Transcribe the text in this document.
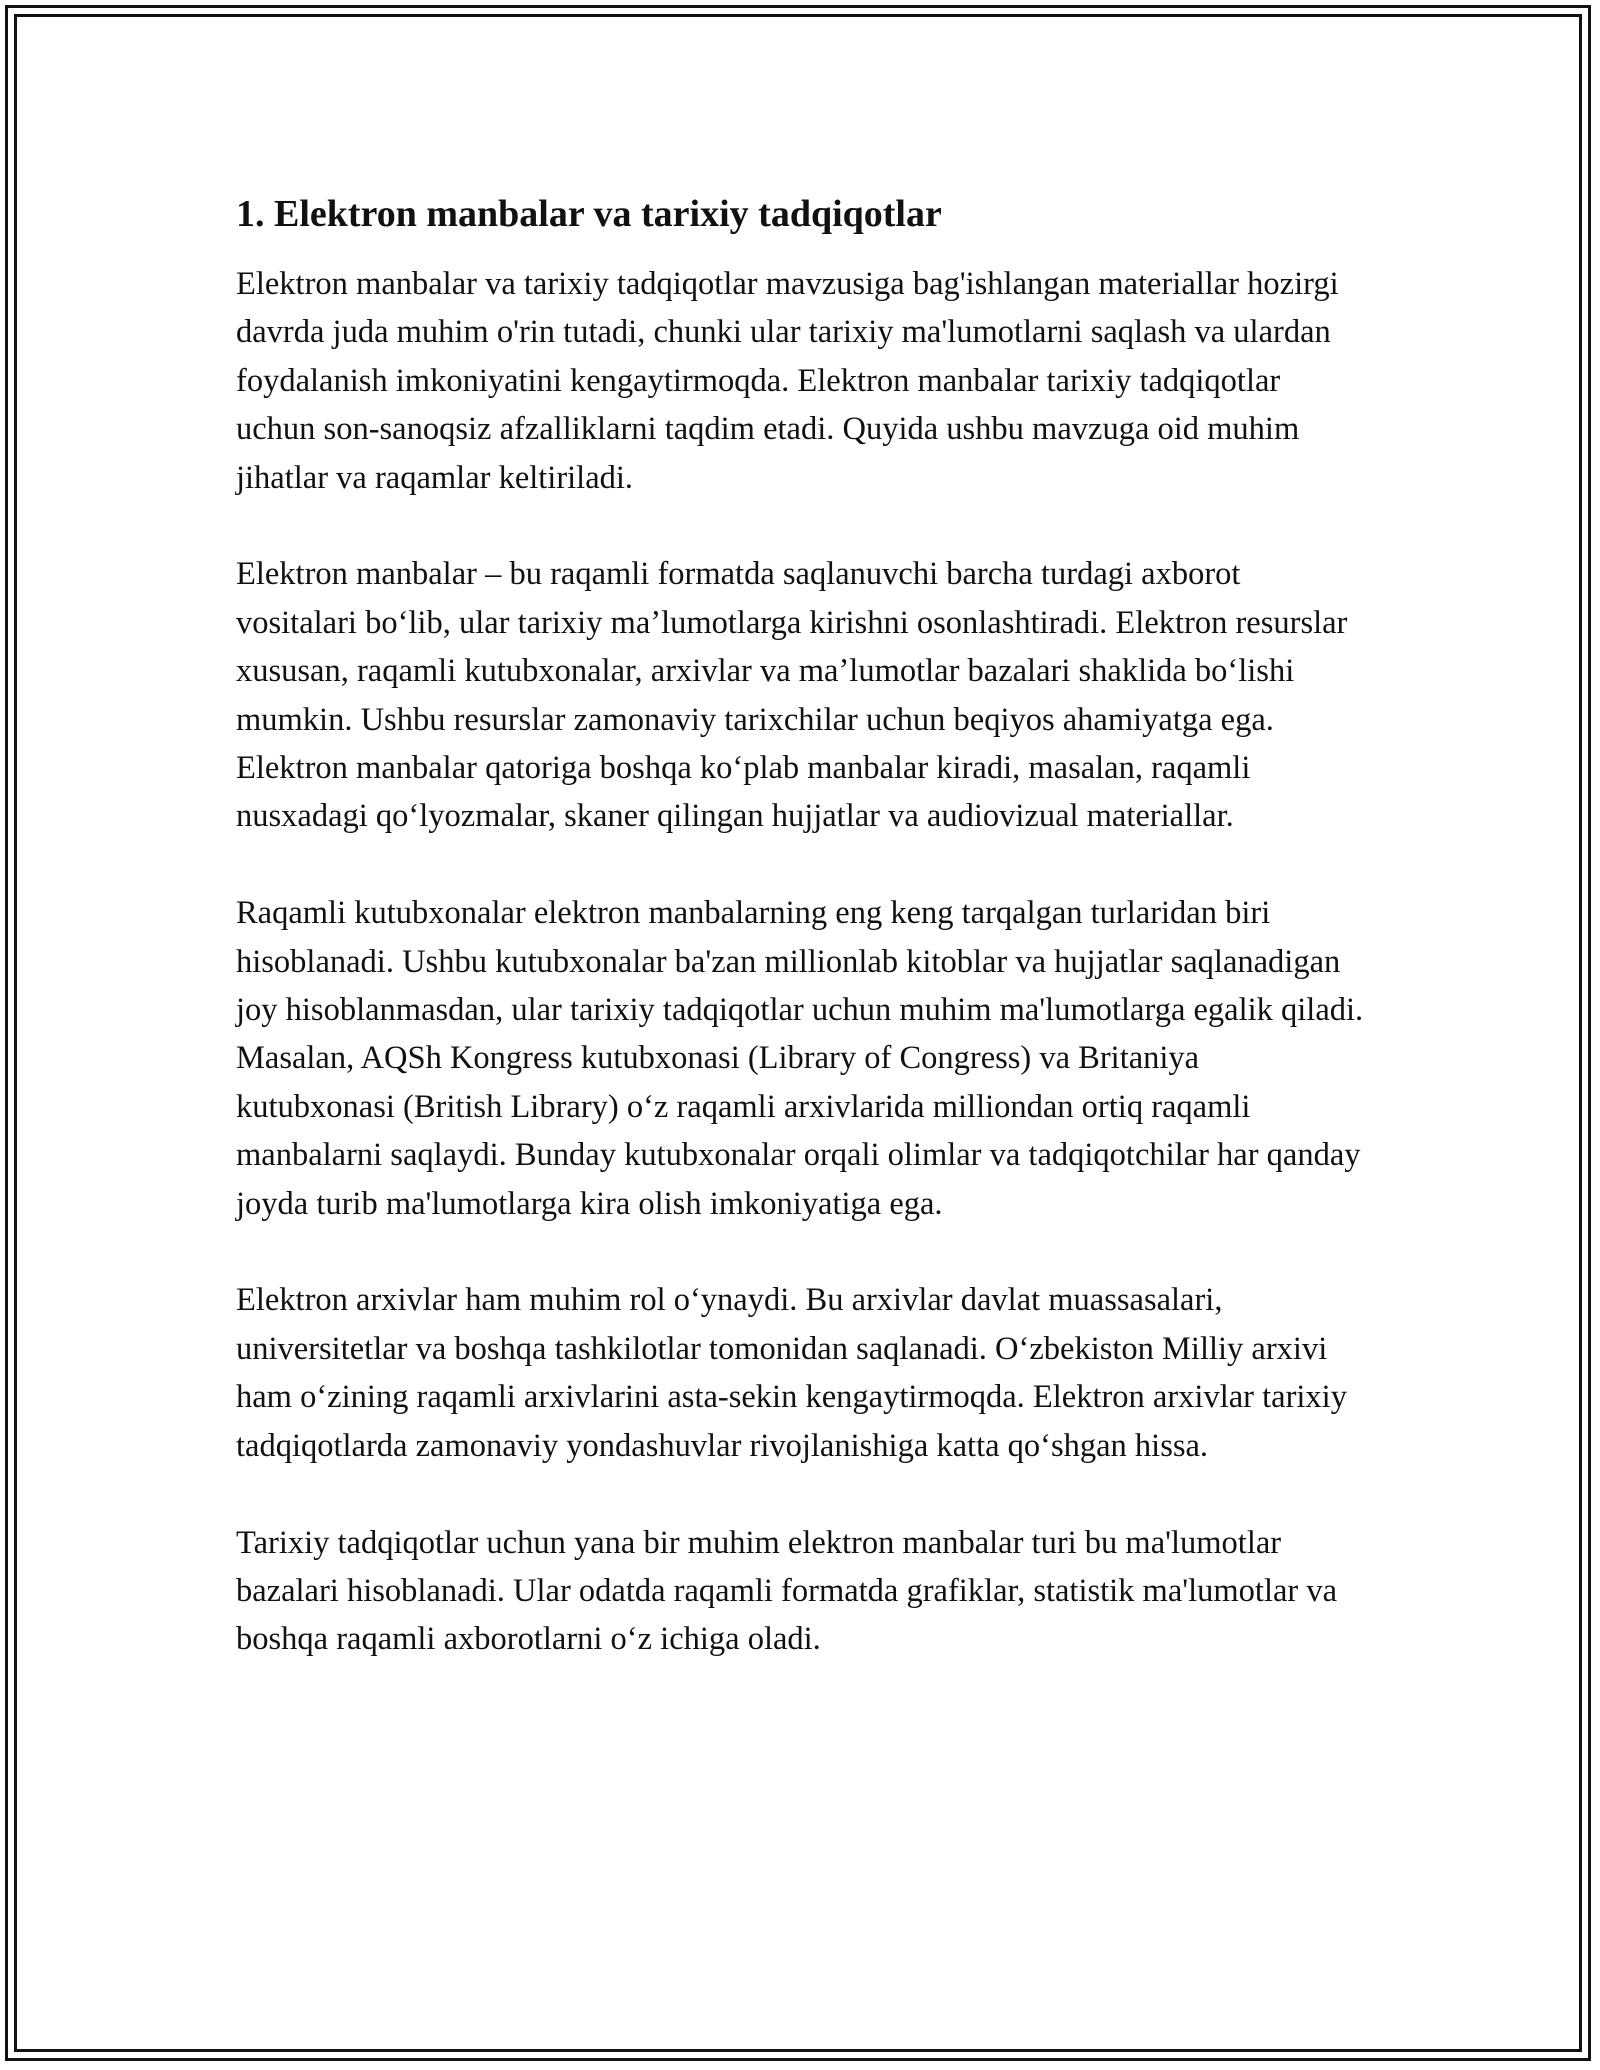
1. Elektron manbalar va tarixiy tadqiqotlar

Elektron manbalar va tarixiy tadqiqotlar mavzusiga bag'ishlangan materiallar hozirgi davrda juda muhim o'rin tutadi, chunki ular tarixiy ma'lumotlarni saqlash va ulardan foydalanish imkoniyatini kengaytirmoqda. Elektron manbalar tarixiy tadqiqotlar uchun son-sanoqsiz afzalliklarni taqdim etadi. Quyida ushbu mavzuga oid muhim jihatlar va raqamlar keltiriladi.

Elektron manbalar – bu raqamli formatda saqlanuvchi barcha turdagi axborot vositalari boʻlib, ular tarixiy maʼlumotlarga kirishni osonlashtiradi. Elektron resurslar xususan, raqamli kutubxonalar, arxivlar va maʼlumotlar bazalari shaklida boʻlishi mumkin. Ushbu resurslar zamonaviy tarixchilar uchun beqiyos ahamiyatga ega. Elektron manbalar qatoriga boshqa koʻplab manbalar kiradi, masalan, raqamli nusxadagi qoʻlyozmalar, skaner qilingan hujjatlar va audiovizual materiallar.

Raqamli kutubxonalar elektron manbalarning eng keng tarqalgan turlaridan biri hisoblanadi. Ushbu kutubxonalar ba'zan millionlab kitoblar va hujjatlar saqlanadigan joy hisoblanmasdan, ular tarixiy tadqiqotlar uchun muhim ma'lumotlarga egalik qiladi. Masalan, AQSh Kongress kutubxonasi (Library of Congress) va Britaniya kutubxonasi (British Library) oʻz raqamli arxivlarida milliondan ortiq raqamli manbalarni saqlaydi. Bunday kutubxonalar orqali olimlar va tadqiqotchilar har qanday joyda turib ma'lumotlarga kira olish imkoniyatiga ega.

Elektron arxivlar ham muhim rol oʻynaydi. Bu arxivlar davlat muassasalari, universitetlar va boshqa tashkilotlar tomonidan saqlanadi. Oʻzbekiston Milliy arxivi ham oʻzining raqamli arxivlarini asta-sekin kengaytirmoqda. Elektron arxivlar tarixiy tadqiqotlarda zamonaviy yondashuvlar rivojlanishiga katta qoʻshgan hissa.

Tarixiy tadqiqotlar uchun yana bir muhim elektron manbalar turi bu ma'lumotlar bazalari hisoblanadi. Ular odatda raqamli formatda grafiklar, statistik ma'lumotlar va boshqa raqamli axborotlarni oʻz ichiga oladi.
